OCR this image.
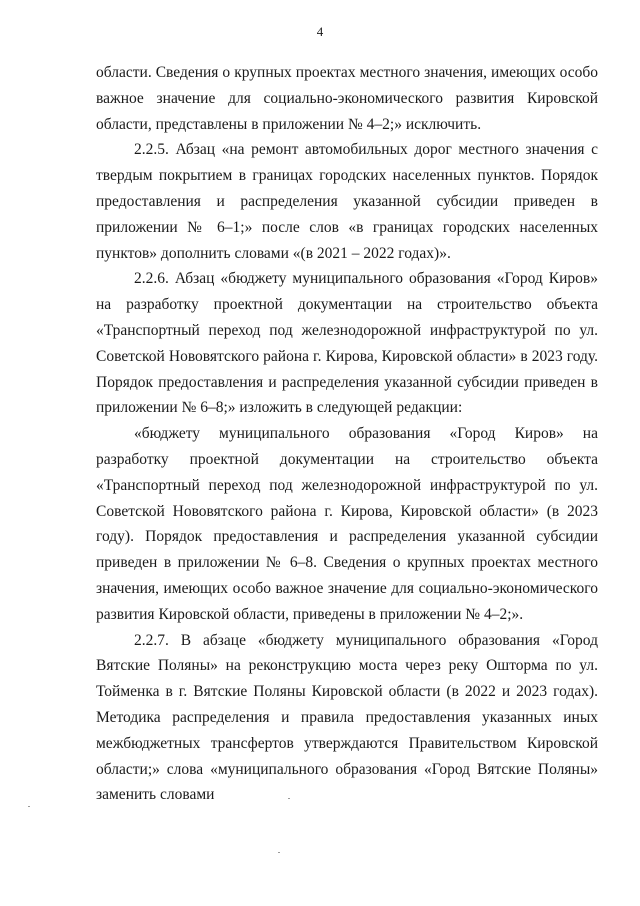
4

области. Сведения о крупных проектах местного значения, имеющих особо важное значение для социально-экономического развития Кировской области, представлены в приложении № 4–2;» исключить.

2.2.5. Абзац «на ремонт автомобильных дорог местного значения с твердым покрытием в границах городских населенных пунктов. Порядок предоставления и распределения указанной субсидии приведен в приложении № 6–1;» после слов «в границах городских населенных пунктов» дополнить словами «(в 2021 – 2022 годах)».

2.2.6. Абзац «бюджету муниципального образования «Город Киров» на разработку проектной документации на строительство объекта «Транспортный переход под железнодорожной инфраструктурой по ул. Советской Нововятского района г. Кирова, Кировской области» в 2023 году. Порядок предоставления и распределения указанной субсидии приведен в приложении № 6–8;» изложить в следующей редакции:

«бюджету муниципального образования «Город Киров» на разработку проектной документации на строительство объекта «Транспортный переход под железнодорожной инфраструктурой по ул. Советской Нововятского района г. Кирова, Кировской области» (в 2023 году). Порядок предоставления и распределения указанной субсидии приведен в приложении № 6–8. Сведения о крупных проектах местного значения, имеющих особо важное значение для социально-экономического развития Кировской области, приведены в приложении № 4–2;».

2.2.7. В абзаце «бюджету муниципального образования «Город Вятские Поляны» на реконструкцию моста через реку Ошторма по ул. Тойменка в г. Вятские Поляны Кировской области (в 2022 и 2023 годах). Методика распределения и правила предоставления указанных иных межбюджетных трансфертов утверждаются Правительством Кировской области;» слова «муниципального образования «Город Вятские Поляны» заменить словами
